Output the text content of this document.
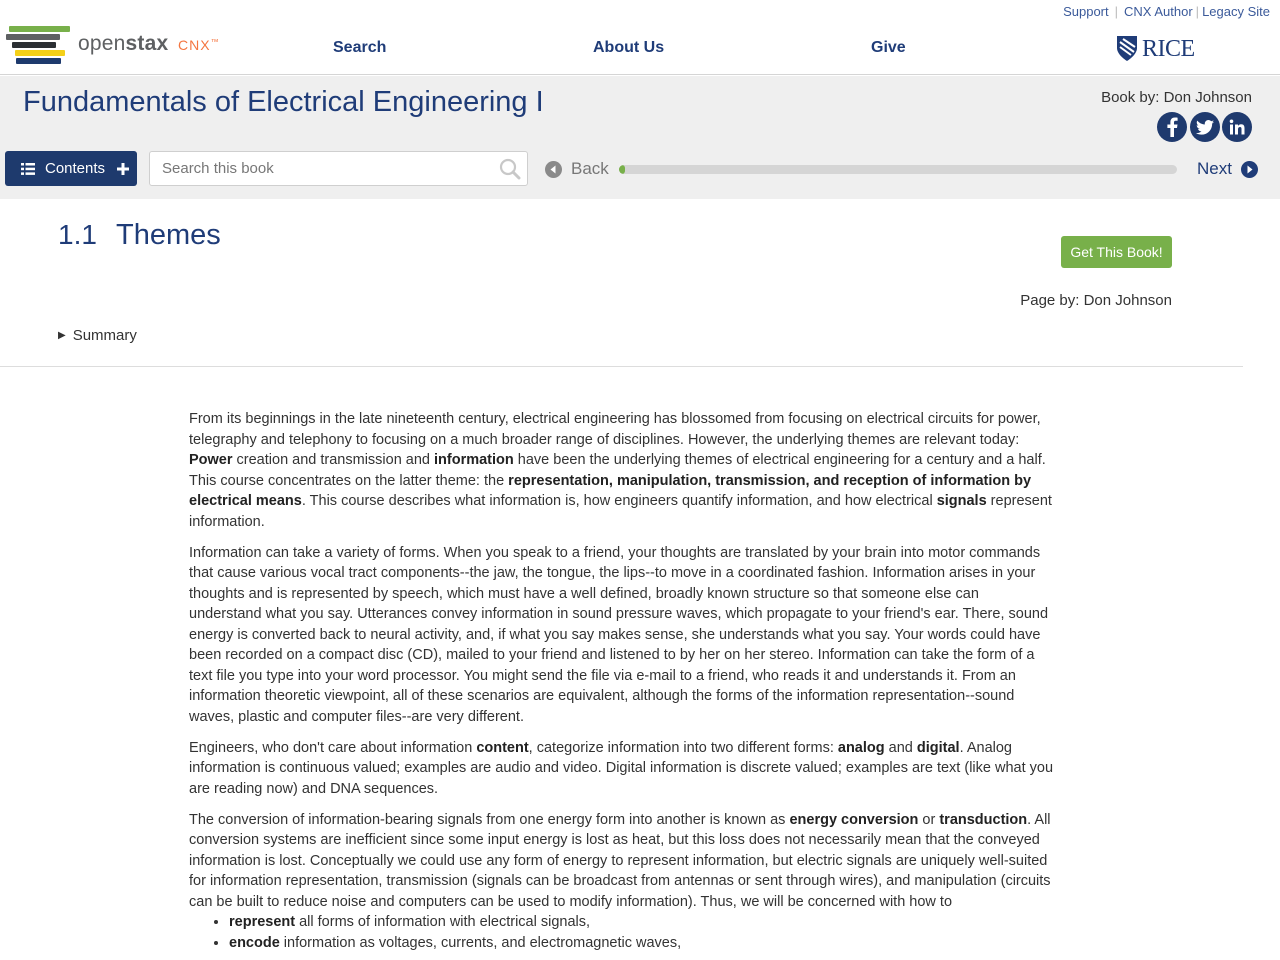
openstax CNX™
Support | CNX Author | Legacy Site
Search	About Us	Give	RICE
Fundamentals of Electrical Engineering I	Book by: Don Johnson
Contents
Search this book	Back	Next
1.1 Themes
Get This Book!
Page by: Don Johnson
▶ Summary

From its beginnings in the late nineteenth century, electrical engineering has blossomed from focusing on electrical circuits for power, telegraphy and telephony to focusing on a much broader range of disciplines. However, the underlying themes are relevant today: Power creation and transmission and information have been the underlying themes of electrical engineering for a century and a half. This course concentrates on the latter theme: the representation, manipulation, transmission, and reception of information by electrical means. This course describes what information is, how engineers quantify information, and how electrical signals represent information.

Information can take a variety of forms. When you speak to a friend, your thoughts are translated by your brain into motor commands that cause various vocal tract components--the jaw, the tongue, the lips--to move in a coordinated fashion. Information arises in your thoughts and is represented by speech, which must have a well defined, broadly known structure so that someone else can understand what you say. Utterances convey information in sound pressure waves, which propagate to your friend's ear. There, sound energy is converted back to neural activity, and, if what you say makes sense, she understands what you say. Your words could have been recorded on a compact disc (CD), mailed to your friend and listened to by her on her stereo. Information can take the form of a text file you type into your word processor. You might send the file via e-mail to a friend, who reads it and understands it. From an information theoretic viewpoint, all of these scenarios are equivalent, although the forms of the information representation--sound waves, plastic and computer files--are very different.

Engineers, who don't care about information content, categorize information into two different forms: analog and digital. Analog information is continuous valued; examples are audio and video. Digital information is discrete valued; examples are text (like what you are reading now) and DNA sequences.

The conversion of information-bearing signals from one energy form into another is known as energy conversion or transduction. All conversion systems are inefficient since some input energy is lost as heat, but this loss does not necessarily mean that the conveyed information is lost. Conceptually we could use any form of energy to represent information, but electric signals are uniquely well-suited for information representation, transmission (signals can be broadcast from antennas or sent through wires), and manipulation (circuits can be built to reduce noise and computers can be used to modify information). Thus, we will be concerned with how to

• represent all forms of information with electrical signals,
• encode information as voltages, currents, and electromagnetic waves,
